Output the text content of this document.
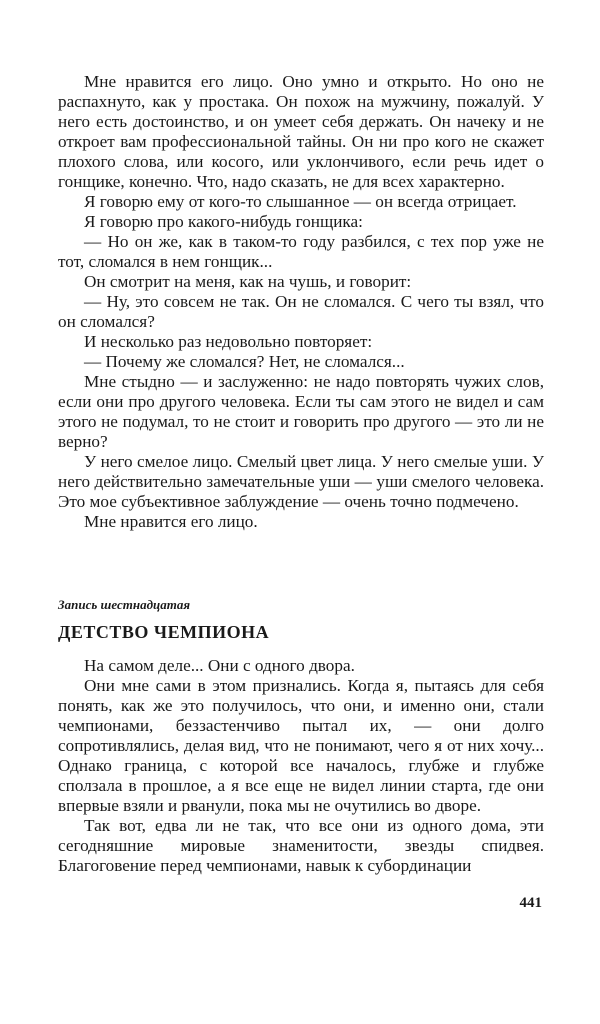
Мне нравится его лицо. Оно умно и открыто. Но оно не распахнуто, как у простака. Он похож на мужчину, пожалуй. У него есть достоинство, и он умеет себя держать. Он начеку и не откроет вам профессиональной тайны. Он ни про кого не скажет плохого слова, или косого, или уклончивого, если речь идет о гонщике, конечно. Что, надо сказать, не для всех характерно.

Я говорю ему от кого-то слышанное — он всегда отрицает.

Я говорю про какого-нибудь гонщика:

— Но он же, как в таком-то году разбился, с тех пор уже не тот, сломался в нем гонщик...

Он смотрит на меня, как на чушь, и говорит:

— Ну, это совсем не так. Он не сломался. С чего ты взял, что он сломался?

И несколько раз недовольно повторяет:

— Почему же сломался? Нет, не сломался...

Мне стыдно — и заслуженно: не надо повторять чужих слов, если они про другого человека. Если ты сам этого не видел и сам этого не подумал, то не стоит и говорить про другого — это ли не верно?

У него смелое лицо. Смелый цвет лица. У него смелые уши. У него действительно замечательные уши — уши смелого человека. Это мое субъективное заблуждение — очень точно подмечено.

Мне нравится его лицо.

Запись шестнадцатая

ДЕТСТВО ЧЕМПИОНА

На самом деле... Они с одного двора.

Они мне сами в этом признались. Когда я, пытаясь для себя понять, как же это получилось, что они, и именно они, стали чемпионами, беззастенчиво пытал их, — они долго сопротивлялись, делая вид, что не понимают, чего я от них хочу... Однако граница, с которой все началось, глубже и глубже сползала в прошлое, а я все еще не видел линии старта, где они впервые взяли и рванули, пока мы не очутились во дворе.

Так вот, едва ли не так, что все они из одного дома, эти сегодняшние мировые знаменитости, звезды спидвея. Благоговение перед чемпионами, навык к субординации

441
